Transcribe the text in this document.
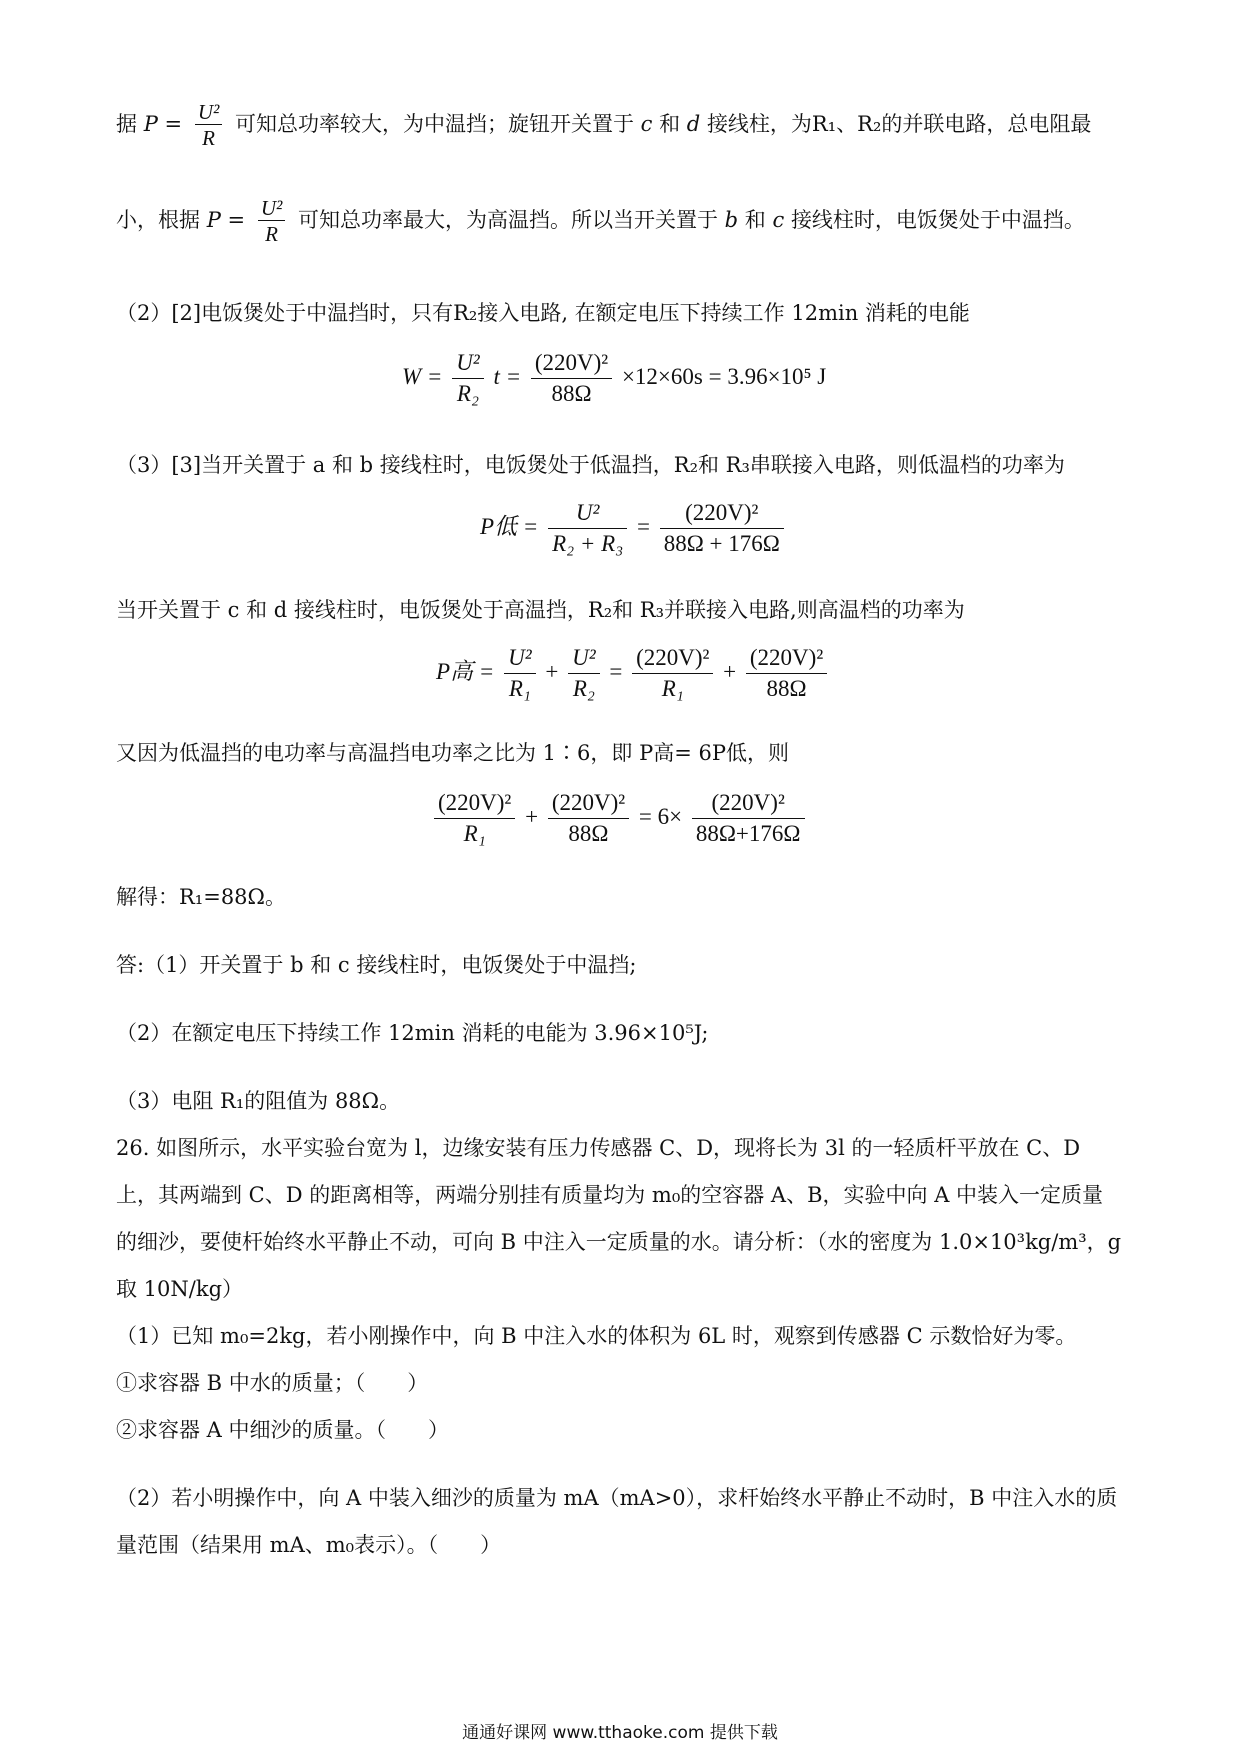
据 $P = \frac{\text{U²}}{R}$ 可知总功率较大，为中温挡；旋钮开关置于 c 和 d 接线柱，为R₁、R₂的并联电路，总电阻最
小，根据 $P = \frac{\text{U²}}{R}$ 可知总功率最大，为高温挡。所以当开关置于 b 和 c 接线柱时，电饭煲处于中温挡。
（2）[2]电饭煲处于中温挡时，只有R₂接入电路, 在额定电压下持续工作 12min 消耗的电能
$W = \frac{\text{U²}}{\text{R₂}}$ $t = \frac{\text{(220V)²}}{88\Omega} \times 12\times 60s = 3.96\times 10^5$ J
（3）[3]当开关置于 a 和 b 接线柱时，电饭煲处于低温挡，R₂和 R₃串联接入电路，则低温档的功率为
P低 = $\frac{\text{U²}}{\text{R₂ + R₃}} = \frac{\text{(220V)²}}{88\Omega + 176\Omega}$
当开关置于 c 和 d 接线柱时，电饭煲处于高温挡，R₂和 R₃并联接入电路,则高温档的功率为
P高 = $\frac{\text{U²}}{\text{R₁}} + \frac{\text{U²}}{\text{R₂}} = \frac{\text{(220V)²}}{\text{R₁}} + \frac{\text{(220V)²}}{88\Omega}$
又因为低温挡的电功率与高温挡电功率之比为 1∶6，即 P高= 6P低，则
$\frac{\text{(220V)²}}{\text{R₁}} + \frac{\text{(220V)²}}{88\Omega} = 6\times \frac{\text{(220V)²}}{88\Omega+176\Omega}$
解得：R₁=88Ω。
答:（1）开关置于 b 和 c 接线柱时，电饭煲处于中温挡;
（2）在额定电压下持续工作 12min 消耗的电能为 3.96×10⁵J;
（3）电阻 R₁的阻值为 88Ω。
26. 如图所示，水平实验台宽为 l，边缘安装有压力传感器 C、D，现将长为 3l 的一轻质杆平放在 C、D
上，其两端到 C、D 的距离相等，两端分别挂有质量均为 m₀的空容器 A、B，实验中向 A 中装入一定质量
的细沙，要使杆始终水平静止不动，可向 B 中注入一定质量的水。请分析：（水的密度为 1.0×10³kg/m³，g
取 10N/kg）
（1）已知 m₀=2kg，若小刚操作中，向 B 中注入水的体积为 6L 时，观察到传感器 C 示数恰好为零。
①求容器 B 中水的质量；（　　）
②求容器 A 中细沙的质量。（　　）
（2）若小明操作中，向 A 中装入细沙的质量为 mA（mA>0），求杆始终水平静止不动时，B 中注入水的质
量范围（结果用 mA、m₀表示）。（　　）
通通好课网 www.tthaoke.com 提供下载
